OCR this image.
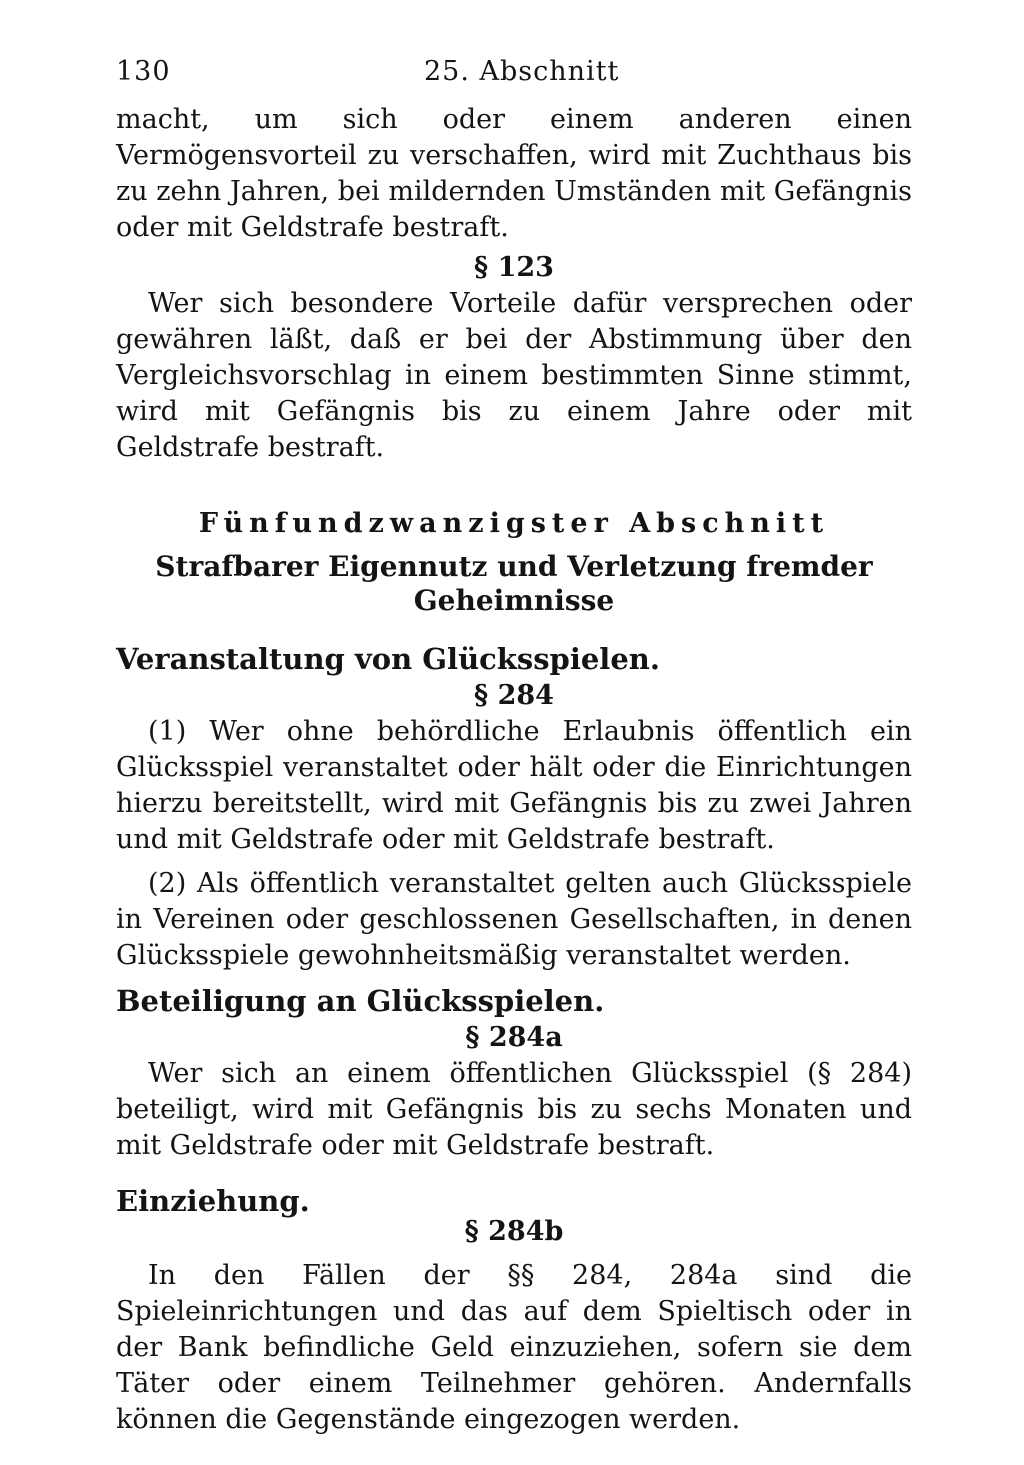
130	25. Abschnitt

macht, um sich oder einem anderen einen Vermögensvorteil zu verschaffen, wird mit Zuchthaus bis zu zehn Jahren, bei mildernden Umständen mit Gefängnis oder mit Geldstrafe bestraft.

§ 123

Wer sich besondere Vorteile dafür versprechen oder gewähren läßt, daß er bei der Abstimmung über den Vergleichsvorschlag in einem bestimmten Sinne stimmt, wird mit Gefängnis bis zu einem Jahre oder mit Geldstrafe bestraft.

Fünfundzwanzigster Abschnitt
Strafbarer Eigennutz und Verletzung fremder
Geheimnisse
Veranstaltung von Glücksspielen.
§ 284

(1) Wer ohne behördliche Erlaubnis öffentlich ein Glücksspiel veranstaltet oder hält oder die Einrichtungen hierzu bereitstellt, wird mit Gefängnis bis zu zwei Jahren und mit Geldstrafe oder mit Geldstrafe bestraft.

(2) Als öffentlich veranstaltet gelten auch Glücksspiele in Vereinen oder geschlossenen Gesellschaften, in denen Glücksspiele gewohnheitsmäßig veranstaltet werden.

Beteiligung an Glücksspielen.
§ 284a

Wer sich an einem öffentlichen Glücksspiel (§ 284) beteiligt, wird mit Gefängnis bis zu sechs Monaten und mit Geldstrafe oder mit Geldstrafe bestraft.

Einziehung.
§ 284b

In den Fällen der §§ 284, 284a sind die Spieleinrichtungen und das auf dem Spieltisch oder in der Bank befindliche Geld einzuziehen, sofern sie dem Täter oder einem Teilnehmer gehören. Andernfalls können die Gegenstände eingezogen werden.
